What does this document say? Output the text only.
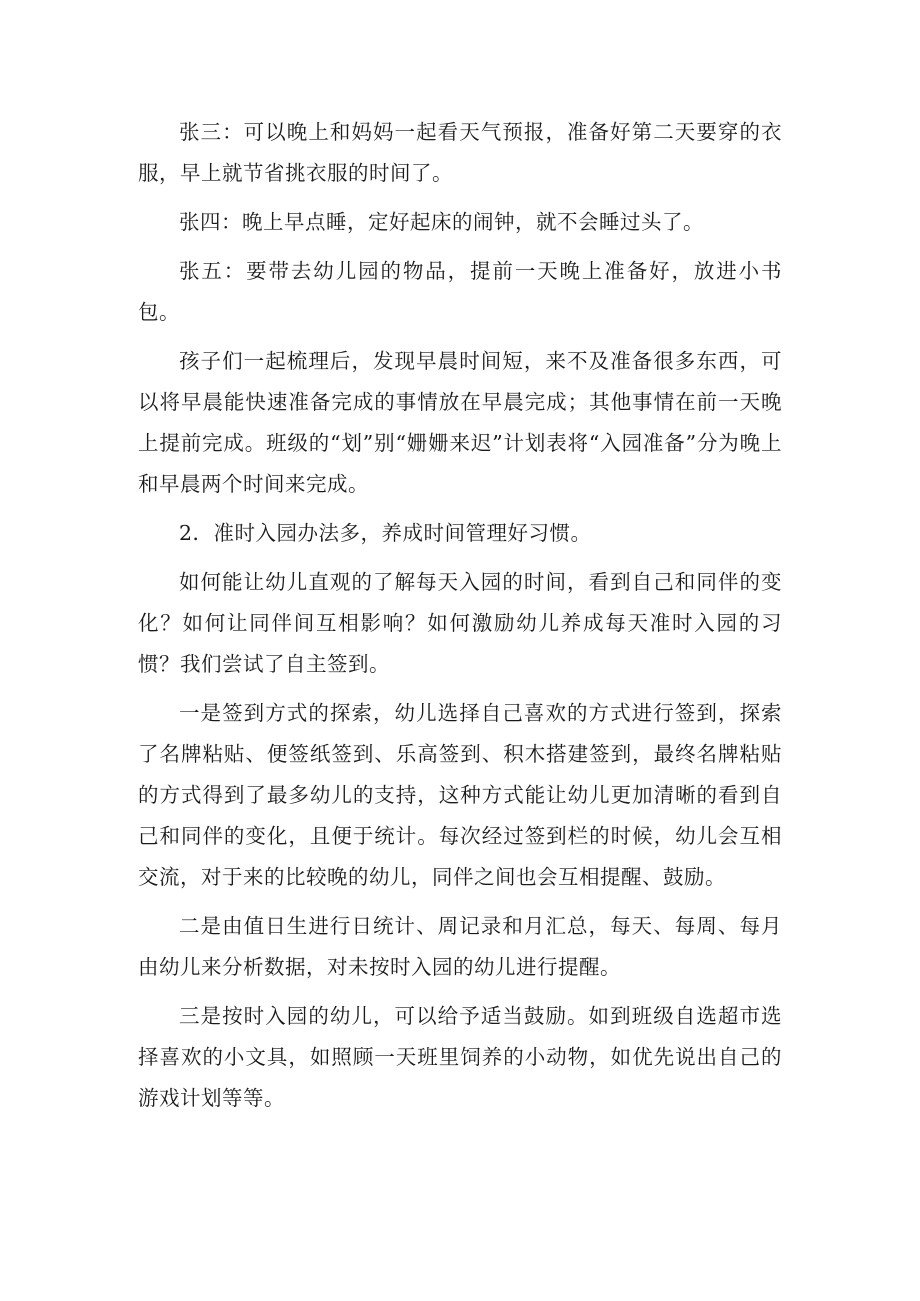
张三：可以晚上和妈妈一起看天气预报，准备好第二天要穿的衣服，早上就节省挑衣服的时间了。

张四：晚上早点睡，定好起床的闹钟，就不会睡过头了。

张五：要带去幼儿园的物品，提前一天晚上准备好，放进小书包。

孩子们一起梳理后，发现早晨时间短，来不及准备很多东西，可以将早晨能快速准备完成的事情放在早晨完成；其他事情在前一天晚上提前完成。班级的“划”别“姗姗来迟”计划表将“入园准备”分为晚上和早晨两个时间来完成。

2．准时入园办法多，养成时间管理好习惯。

如何能让幼儿直观的了解每天入园的时间，看到自己和同伴的变化？如何让同伴间互相影响？如何激励幼儿养成每天准时入园的习惯？我们尝试了自主签到。

一是签到方式的探索，幼儿选择自己喜欢的方式进行签到，探索了名牌粘贴、便签纸签到、乐高签到、积木搭建签到，最终名牌粘贴的方式得到了最多幼儿的支持，这种方式能让幼儿更加清晰的看到自己和同伴的变化，且便于统计。每次经过签到栏的时候，幼儿会互相交流，对于来的比较晚的幼儿，同伴之间也会互相提醒、鼓励。

二是由值日生进行日统计、周记录和月汇总，每天、每周、每月由幼儿来分析数据，对未按时入园的幼儿进行提醒。

三是按时入园的幼儿，可以给予适当鼓励。如到班级自选超市选择喜欢的小文具，如照顾一天班里饲养的小动物，如优先说出自己的游戏计划等等。
